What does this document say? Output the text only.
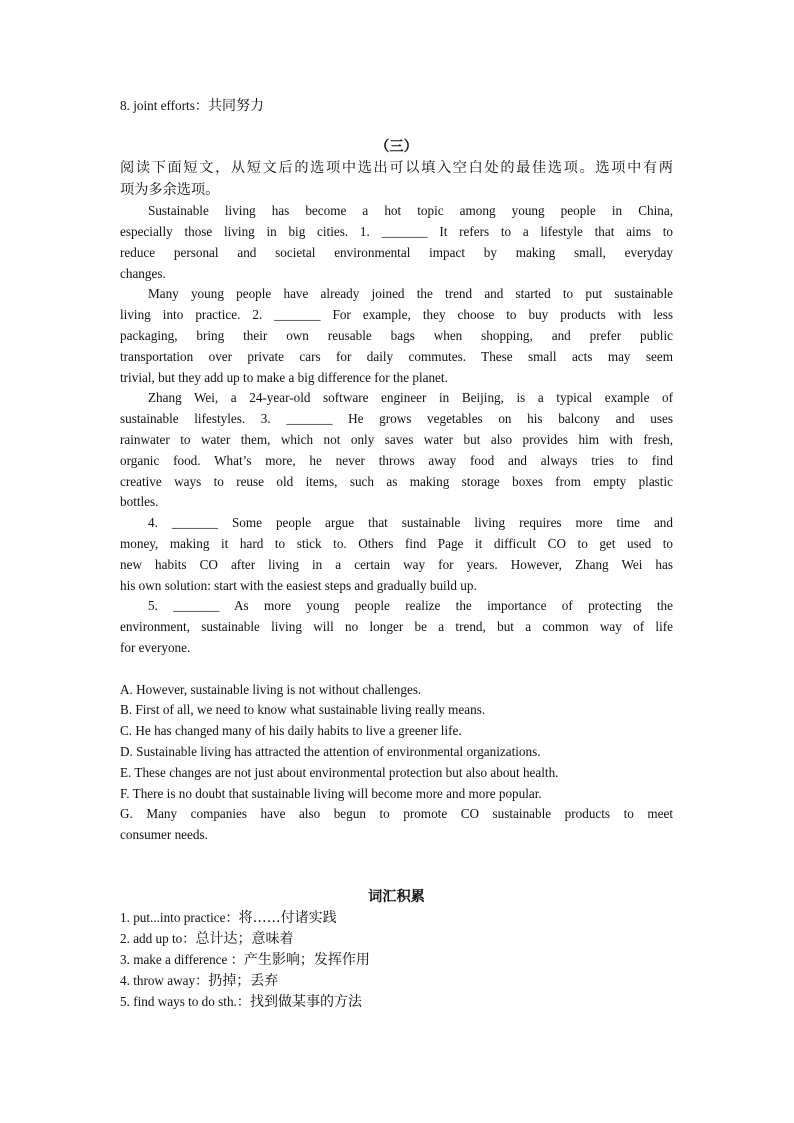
8. joint efforts：共同努力
（三）
阅读下面短文，从短文后的选项中选出可以填入空白处的最佳选项。选项中有两
项为多余选项。
Sustainable living has become a hot topic among young people in China,
especially those living in big cities. 1. _______ It refers to a lifestyle that aims to
reduce personal and societal environmental impact by making small, everyday
changes.
Many young people have already joined the trend and started to put sustainable
living into practice. 2. _______ For example, they choose to buy products with less
packaging, bring their own reusable bags when shopping, and prefer public
transportation over private cars for daily commutes. These small acts may seem
trivial, but they add up to make a big difference for the planet.
Zhang Wei, a 24-year-old software engineer in Beijing, is a typical example of
sustainable lifestyles. 3. _______ He grows vegetables on his balcony and uses
rainwater to water them, which not only saves water but also provides him with fresh,
organic food. What’s more, he never throws away food and always tries to find
creative ways to reuse old items, such as making storage boxes from empty plastic
bottles.
4. _______ Some people argue that sustainable living requires more time and
money, making it hard to stick to. Others find Page it difficult CO to get used to
new habits CO after living in a certain way for years. However, Zhang Wei has
his own solution: start with the easiest steps and gradually build up.
5. _______ As more young people realize the importance of protecting the
environment, sustainable living will no longer be a trend, but a common way of life
for everyone.
A. However, sustainable living is not without challenges.
B. First of all, we need to know what sustainable living really means.
C. He has changed many of his daily habits to live a greener life.
D. Sustainable living has attracted the attention of environmental organizations.
E. These changes are not just about environmental protection but also about health.
F. There is no doubt that sustainable living will become more and more popular.
G. Many companies have also begun to promote CO sustainable products to meet
consumer needs.
词汇积累
1. put...into practice：将……付诸实践
2. add up to：总计达；意味着
3. make a difference ：产生影响；发挥作用
4. throw away：扔掉；丢弃
5. find ways to do sth.：找到做某事的方法
